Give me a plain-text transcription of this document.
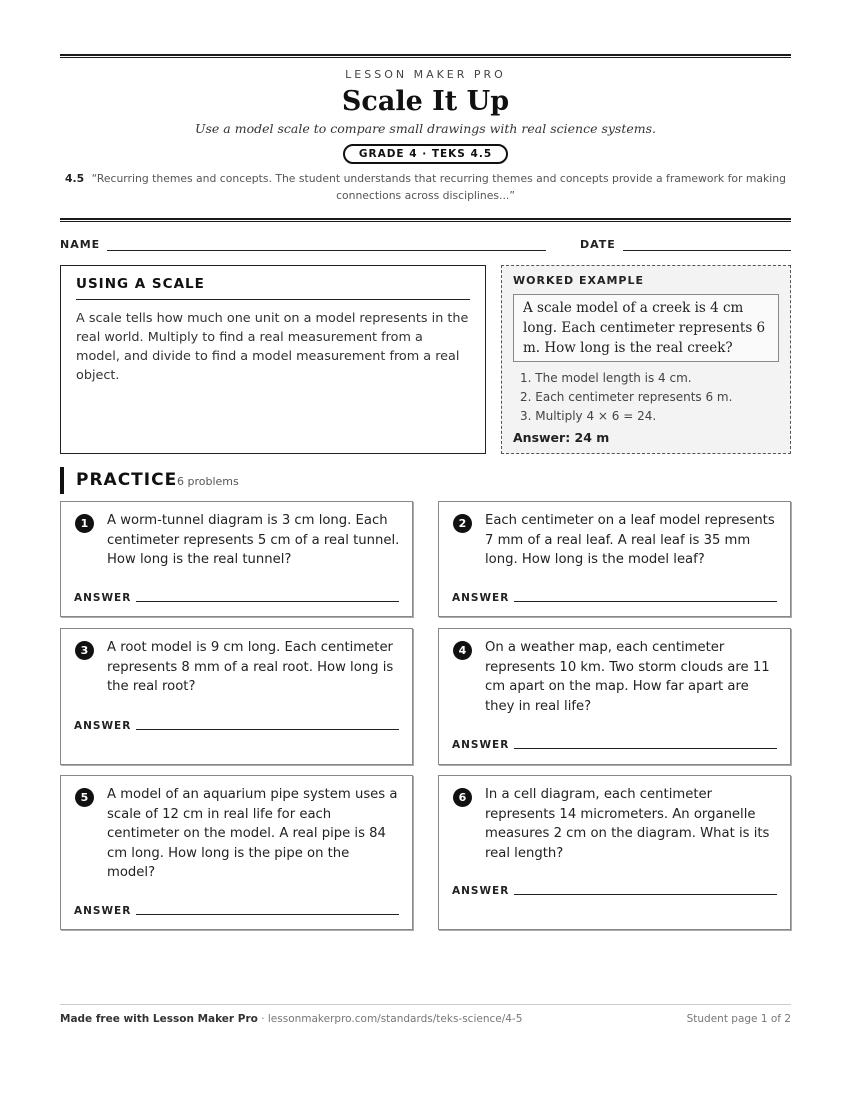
LESSON MAKER PRO
Scale It Up
Use a model scale to compare small drawings with real science systems.
GRADE 4 · TEKS 4.5
4.5 “Recurring themes and concepts. The student understands that recurring themes and concepts provide a framework for making connections across disciplines...”
NAME	DATE
USING A SCALE
A scale tells how much one unit on a model represents in the real world. Multiply to find a real measurement from a model, and divide to find a model measurement from a real object.
WORKED EXAMPLE
A scale model of a creek is 4 cm long. Each centimeter represents 6 m. How long is the real creek?
1. The model length is 4 cm.
2. Each centimeter represents 6 m.
3. Multiply 4 × 6 = 24.
Answer: 24 m
PRACTICE 6 problems
1	A worm-tunnel diagram is 3 cm long. Each centimeter represents 5 cm of a real tunnel. How long is the real tunnel?
ANSWER
2	Each centimeter on a leaf model represents 7 mm of a real leaf. A real leaf is 35 mm long. How long is the model leaf?
ANSWER
3	A root model is 9 cm long. Each centimeter represents 8 mm of a real root. How long is the real root?
ANSWER
4	On a weather map, each centimeter represents 10 km. Two storm clouds are 11 cm apart on the map. How far apart are they in real life?
ANSWER
5	A model of an aquarium pipe system uses a scale of 12 cm in real life for each centimeter on the model. A real pipe is 84 cm long. How long is the pipe on the model?
ANSWER
6	In a cell diagram, each centimeter represents 14 micrometers. An organelle measures 2 cm on the diagram. What is its real length?
ANSWER
Made free with Lesson Maker Pro · lessonmakerpro.com/standards/teks-science/4-5	Student page 1 of 2
